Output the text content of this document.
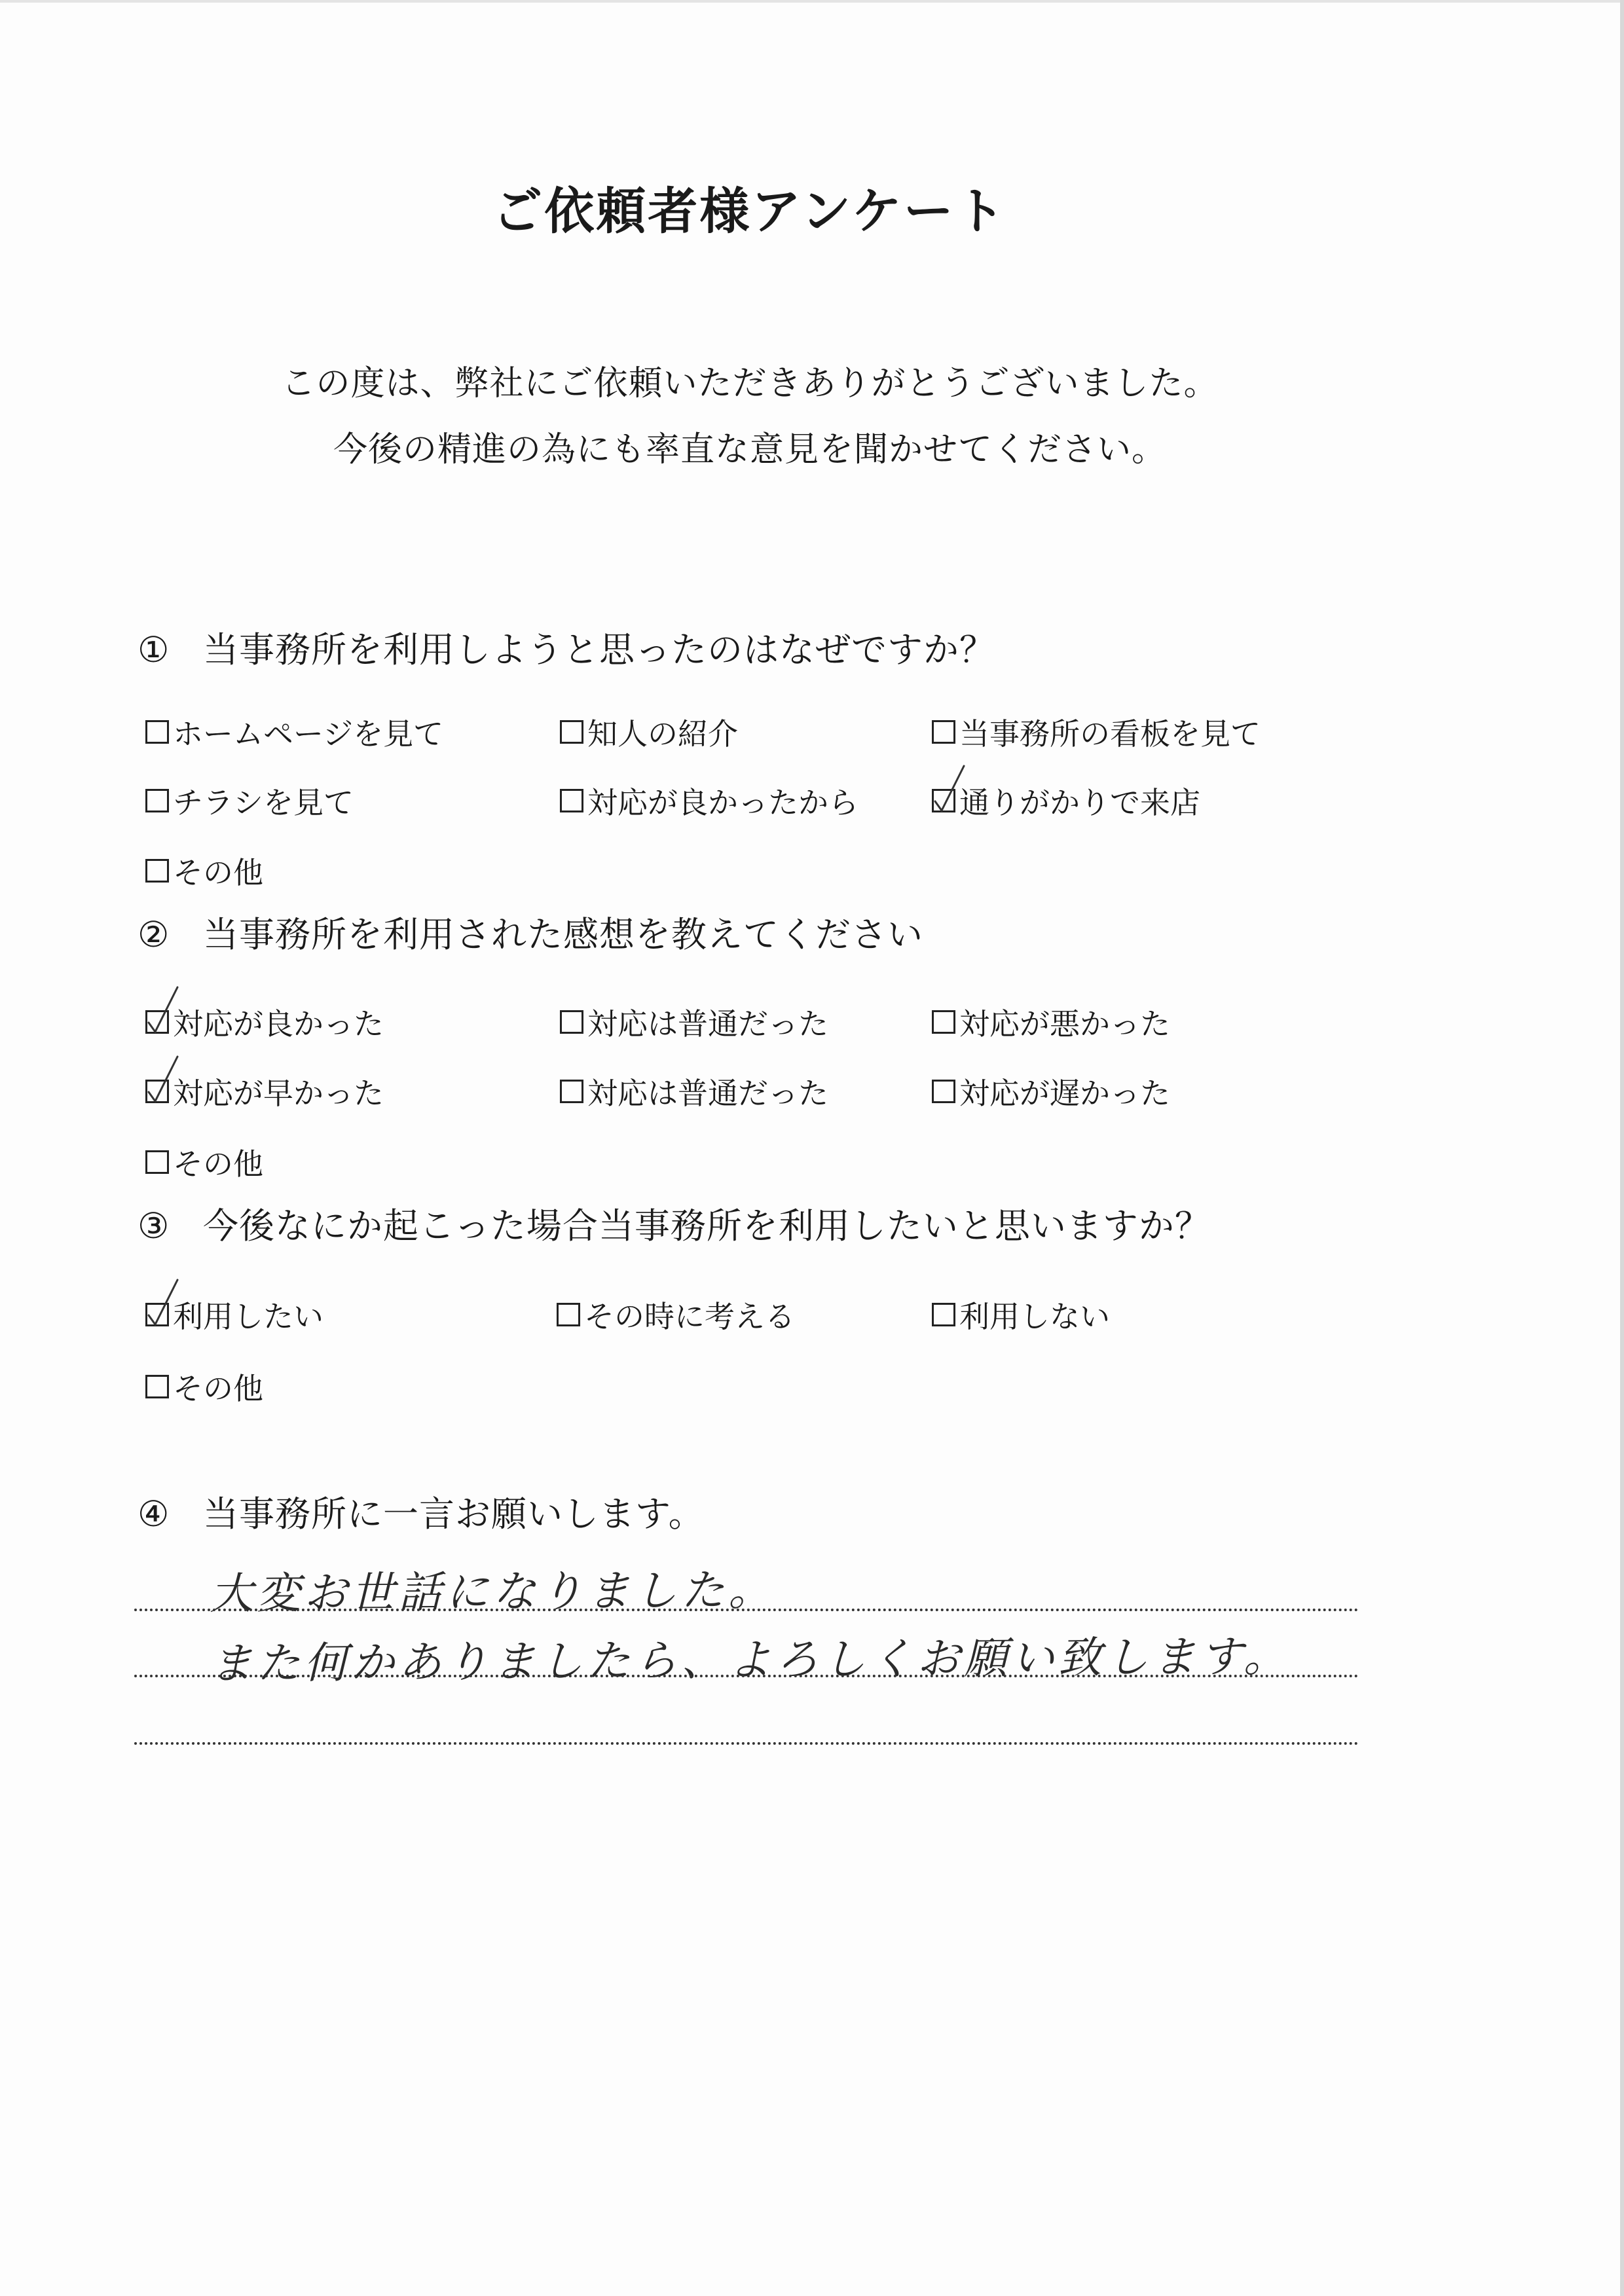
ご依頼者様アンケート
この度は、弊社にご依頼いただきありがとうございました。
今後の精進の為にも率直な意見を聞かせてください。
① 当事務所を利用しようと思ったのはなぜですか？
ホームページを見て	知人の紹介	当事務所の看板を見て
チラシを見て	対応が良かったから	通りがかりで来店
その他
② 当事務所を利用された感想を教えてください
対応が良かった	対応は普通だった	対応が悪かった
対応が早かった	対応は普通だった	対応が遅かった
その他
③ 今後なにか起こった場合当事務所を利用したいと思いますか？
利用したい	その時に考える	利用しない
その他
④ 当事務所に一言お願いします。
大変お世話になりました。
また何かありましたら、よろしくお願い致します。
